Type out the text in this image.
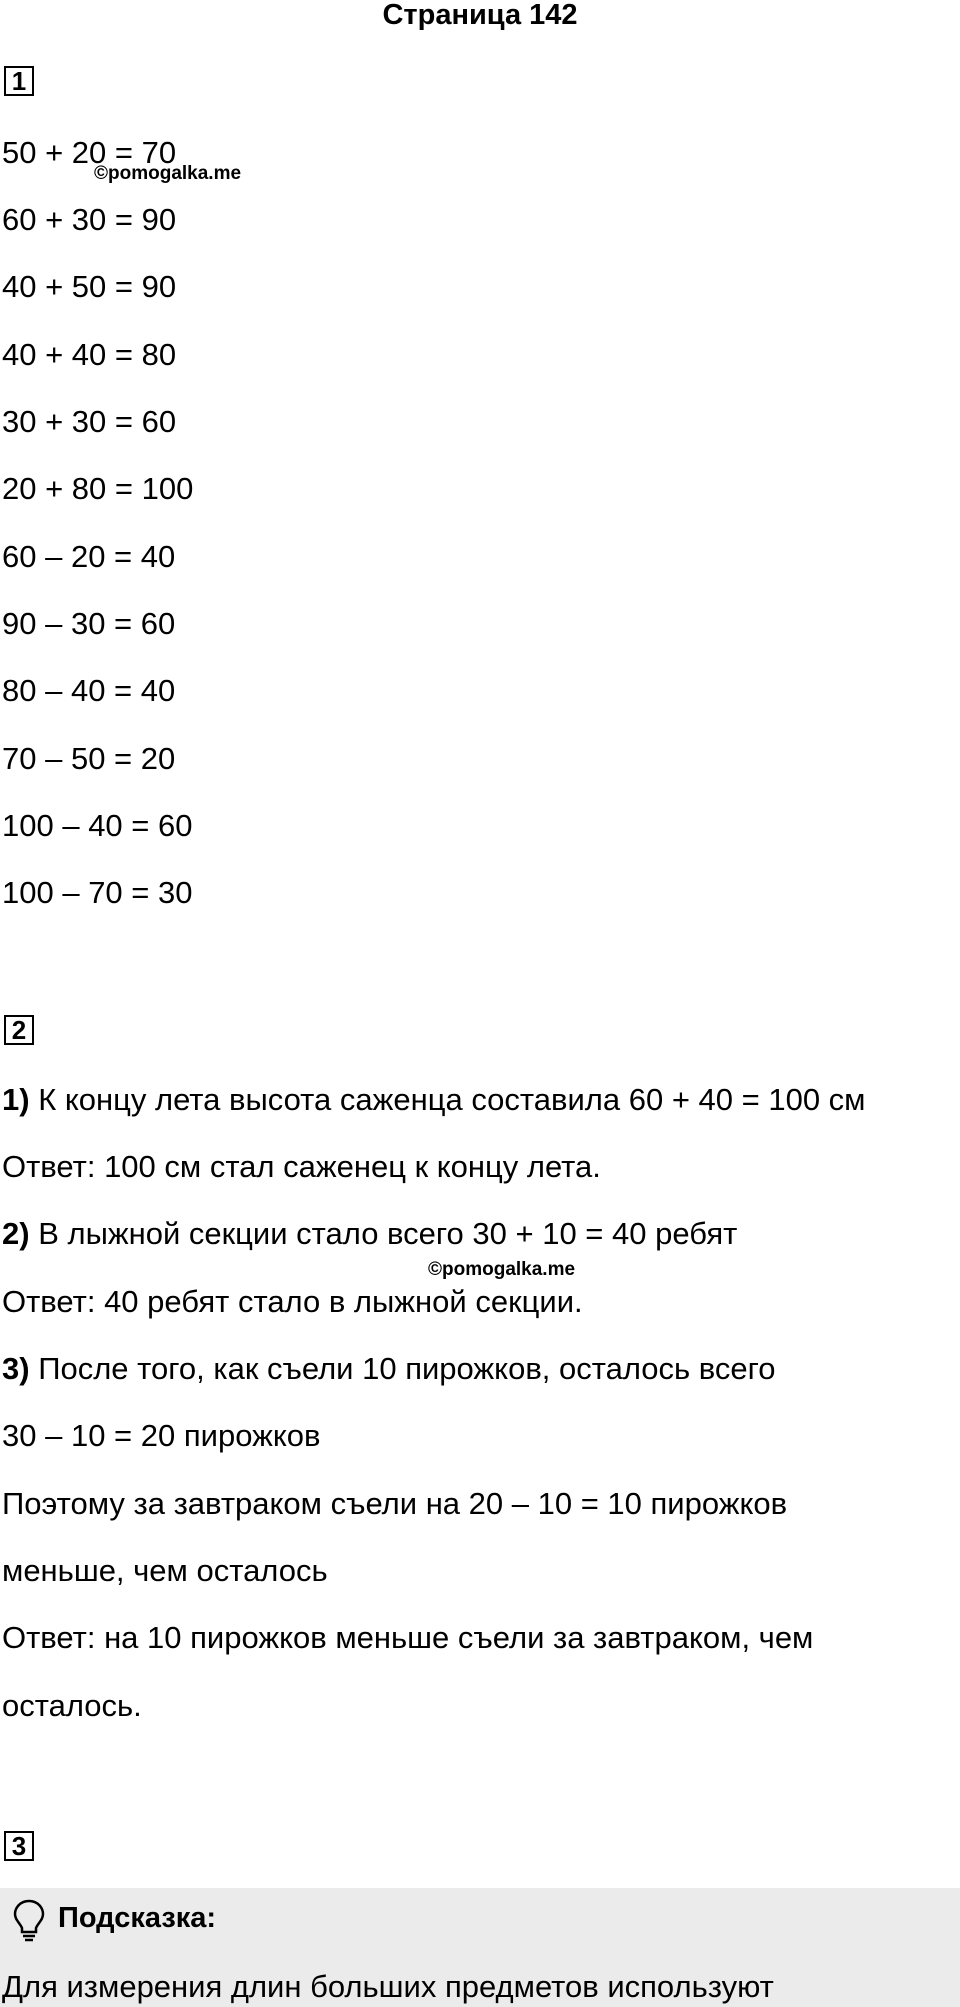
Страница 142
1
50 + 20 = 70
©pomogalka.me
60 + 30 = 90
40 + 50 = 90
40 + 40 = 80
30 + 30 = 60
20 + 80 = 100
60 – 20 = 40
90 – 30 = 60
80 – 40 = 40
70 – 50 = 20
100 – 40 = 60
100 – 70 = 30
2
1) К концу лета высота саженца составила 60 + 40 = 100 см
Ответ: 100 см стал саженец к концу лета.
2) В лыжной секции стало всего 30 + 10 = 40 ребят
©pomogalka.me
Ответ: 40 ребят стало в лыжной секции.
3) После того, как съели 10 пирожков, осталось всего
30 – 10 = 20 пирожков
Поэтому за завтраком съели на 20 – 10 = 10 пирожков
меньше, чем осталось
Ответ: на 10 пирожков меньше съели за завтраком, чем
осталось.
3
Подсказка:
Для измерения длин больших предметов используют
